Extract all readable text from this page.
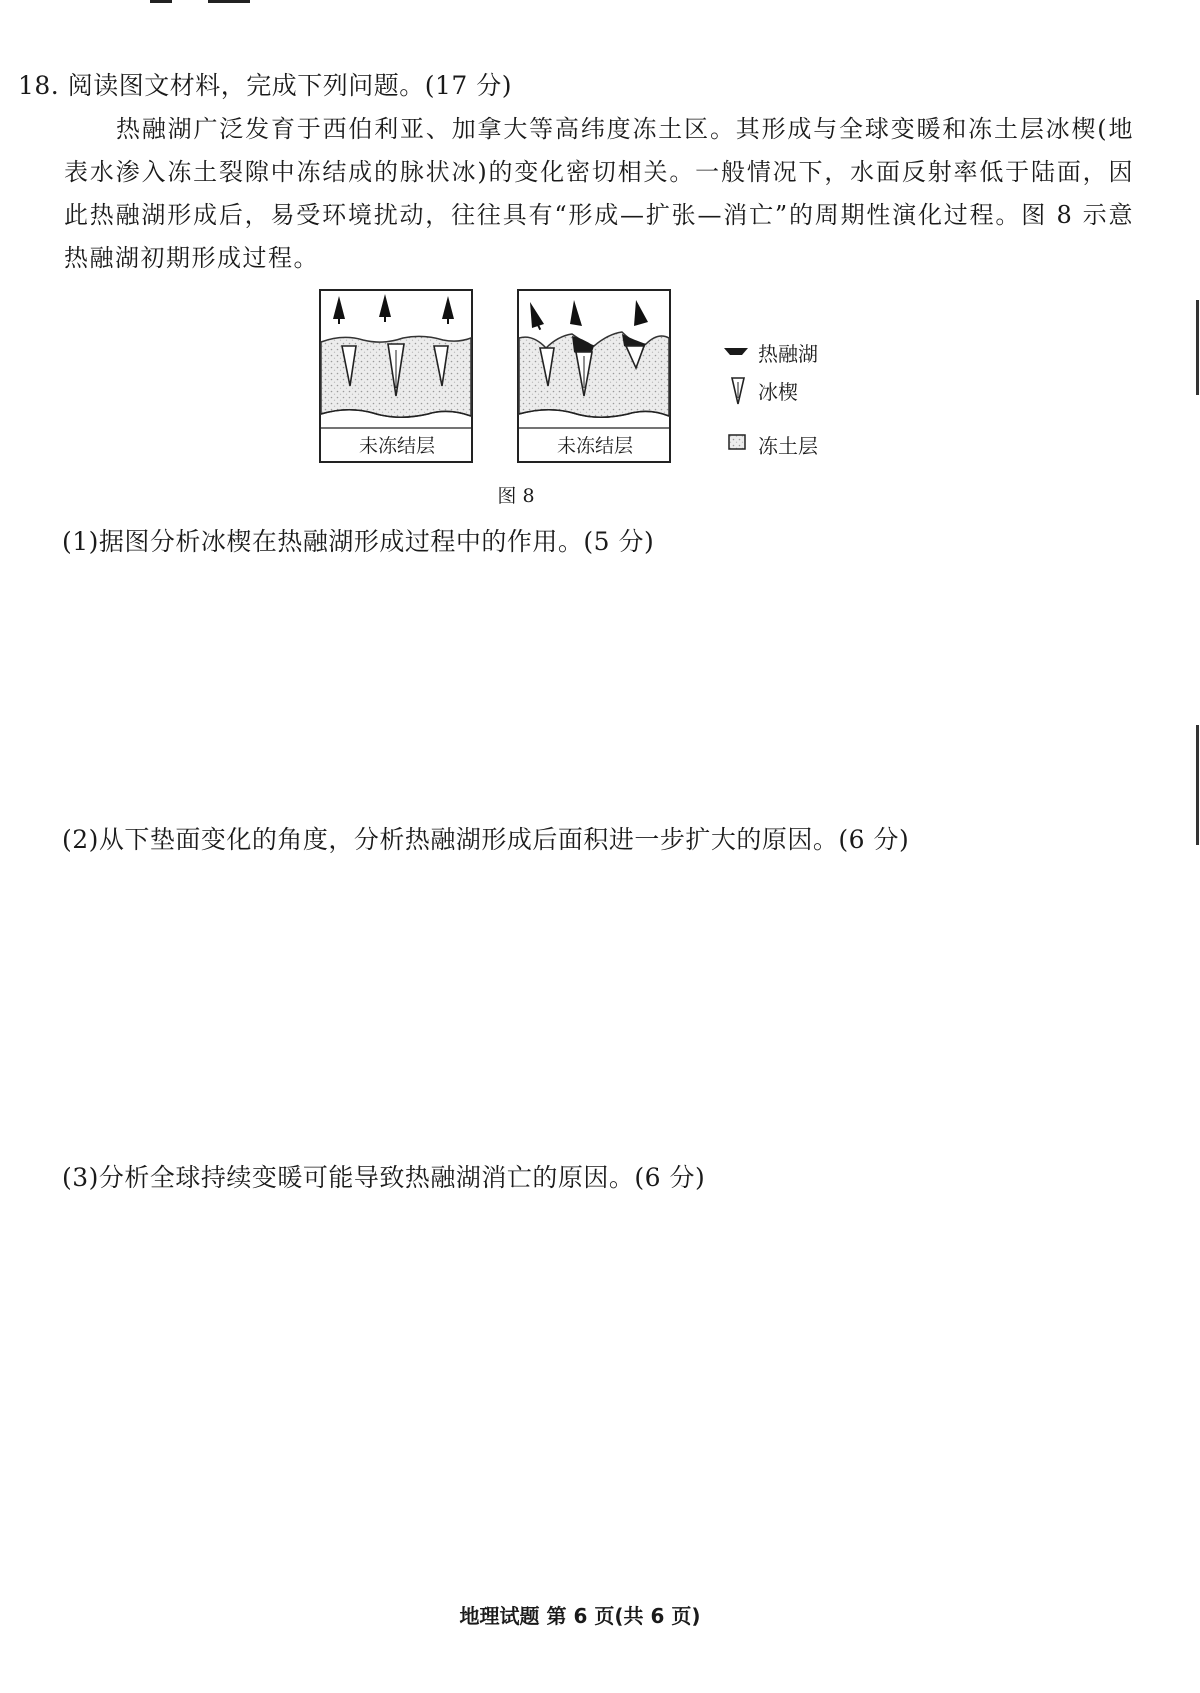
18. 阅读图文材料，完成下列问题。(17 分)

热融湖广泛发育于西伯利亚、加拿大等高纬度冻土区。其形成与全球变暖和冻土层冰楔(地表水渗入冻土裂隙中冻结成的脉状冰)的变化密切相关。一般情况下，水面反射率低于陆面，因此热融湖形成后，易受环境扰动，往往具有“形成—扩张—消亡”的周期性演化过程。图 8 示意热融湖初期形成过程。

未冻结层	未冻结层
热融湖
冰楔
冻土层
图 8
(1)据图分析冰楔在热融湖形成过程中的作用。(5 分)
(2)从下垫面变化的角度，分析热融湖形成后面积进一步扩大的原因。(6 分)
(3)分析全球持续变暖可能导致热融湖消亡的原因。(6 分)
地理试题 第 6 页(共 6 页)
